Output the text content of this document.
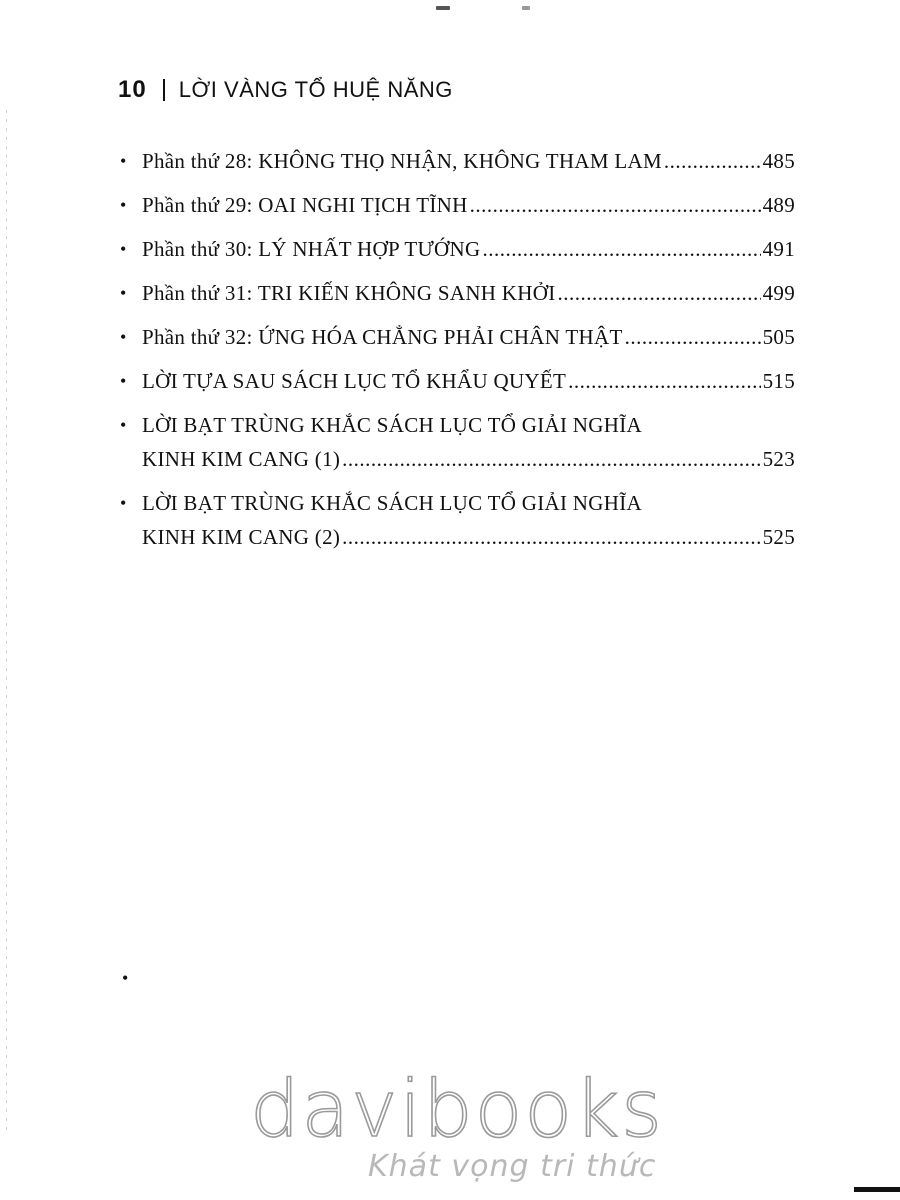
10 LỜI VÀNG TỔ HUỆ NĂNG
• Phần thứ 28: KHÔNG THỌ NHẬN, KHÔNG THAM LAM .....	485
• Phần thứ 29: OAI NGHI TỊCH TĨNH .....	489
• Phần thứ 30: LÝ NHẤT HỢP TƯỚNG .....	491
• Phần thứ 31: TRI KIẾN KHÔNG SANH KHỞI .....	499
• Phần thứ 32: ỨNG HÓA CHẲNG PHẢI CHÂN THẬT .....	505
• LỜI TỰA SAU SÁCH LỤC TỔ KHẨU QUYẾT .....	515
• LỜI BẠT TRÙNG KHẮC SÁCH LỤC TỔ GIẢI NGHĨA
KINH KIM CANG (1) .....	523
• LỜI BẠT TRÙNG KHẮC SÁCH LỤC TỔ GIẢI NGHĨA
KINH KIM CANG (2) .....	525
•
davibooks
Khát vọng tri thức
